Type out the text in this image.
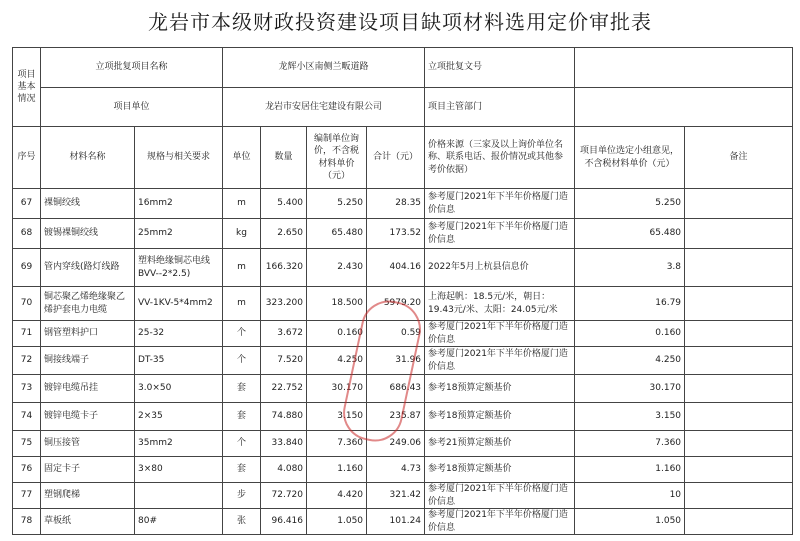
龙岩市本级财政投资建设项目缺项材料选用定价审批表
项目
基本
情况	立项批复项目名称		龙辉小区南侧兰畈道路				立项批复文号		
	项目单位		龙岩市安居住宅建设有限公司				项目主管部门		
序号	材料名称	规格与相关要求	单位	数量	编制单位询价，不含税材料单价（元）	合计（元）	价格来源（三家及以上询价单位名称、联系电话、报价情况或其他参考价依据）	项目单位选定小组意见，不含税材料单价（元）	备注
67	裸铜绞线	16mm2	m	5.400	5.250	28.35	参考厦门2021年下半年价格厦门造价信息	5.250	
68	镀锡裸铜绞线	25mm2	kg	2.650	65.480	173.52	参考厦门2021年下半年价格厦门造价信息	65.480	
69	管内穿线(路灯线路	塑料绝缘铜芯电线BVV--2*2.5)	m	166.320	2.430	404.16	2022年5月上杭县信息价	3.8	
70	铜芯聚乙烯绝缘聚乙烯护套电力电缆	VV-1KV-5*4mm2	m	323.200	18.500	5979.20	上海起帆：18.5元/米，朝日：19.43元/米、太阳：24.05元/米	16.79	
71	钢管塑料护口	25-32	个	3.672	0.160	0.59	参考厦门2021年下半年价格厦门造价信息	0.160	
72	铜接线端子	DT-35	个	7.520	4.250	31.96	参考厦门2021年下半年价格厦门造价信息	4.250	
73	镀锌电缆吊挂	3.0×50	套	22.752	30.170	686.43	参考18预算定额基价	30.170	
74	镀锌电缆卡子	2×35	套	74.880	3.150	235.87	参考18预算定额基价	3.150	
75	铜压接管	35mm2	个	33.840	7.360	249.06	参考21预算定额基价	7.360	
76	固定卡子	3×80	套	4.080	1.160	4.73	参考18预算定额基价	1.160	
77	塑钢爬梯		步	72.720	4.420	321.42	参考厦门2021年下半年价格厦门造价信息	10	
78	草板纸	80#	张	96.416	1.050	101.24	参考厦门2021年下半年价格厦门造价信息	1.050	
